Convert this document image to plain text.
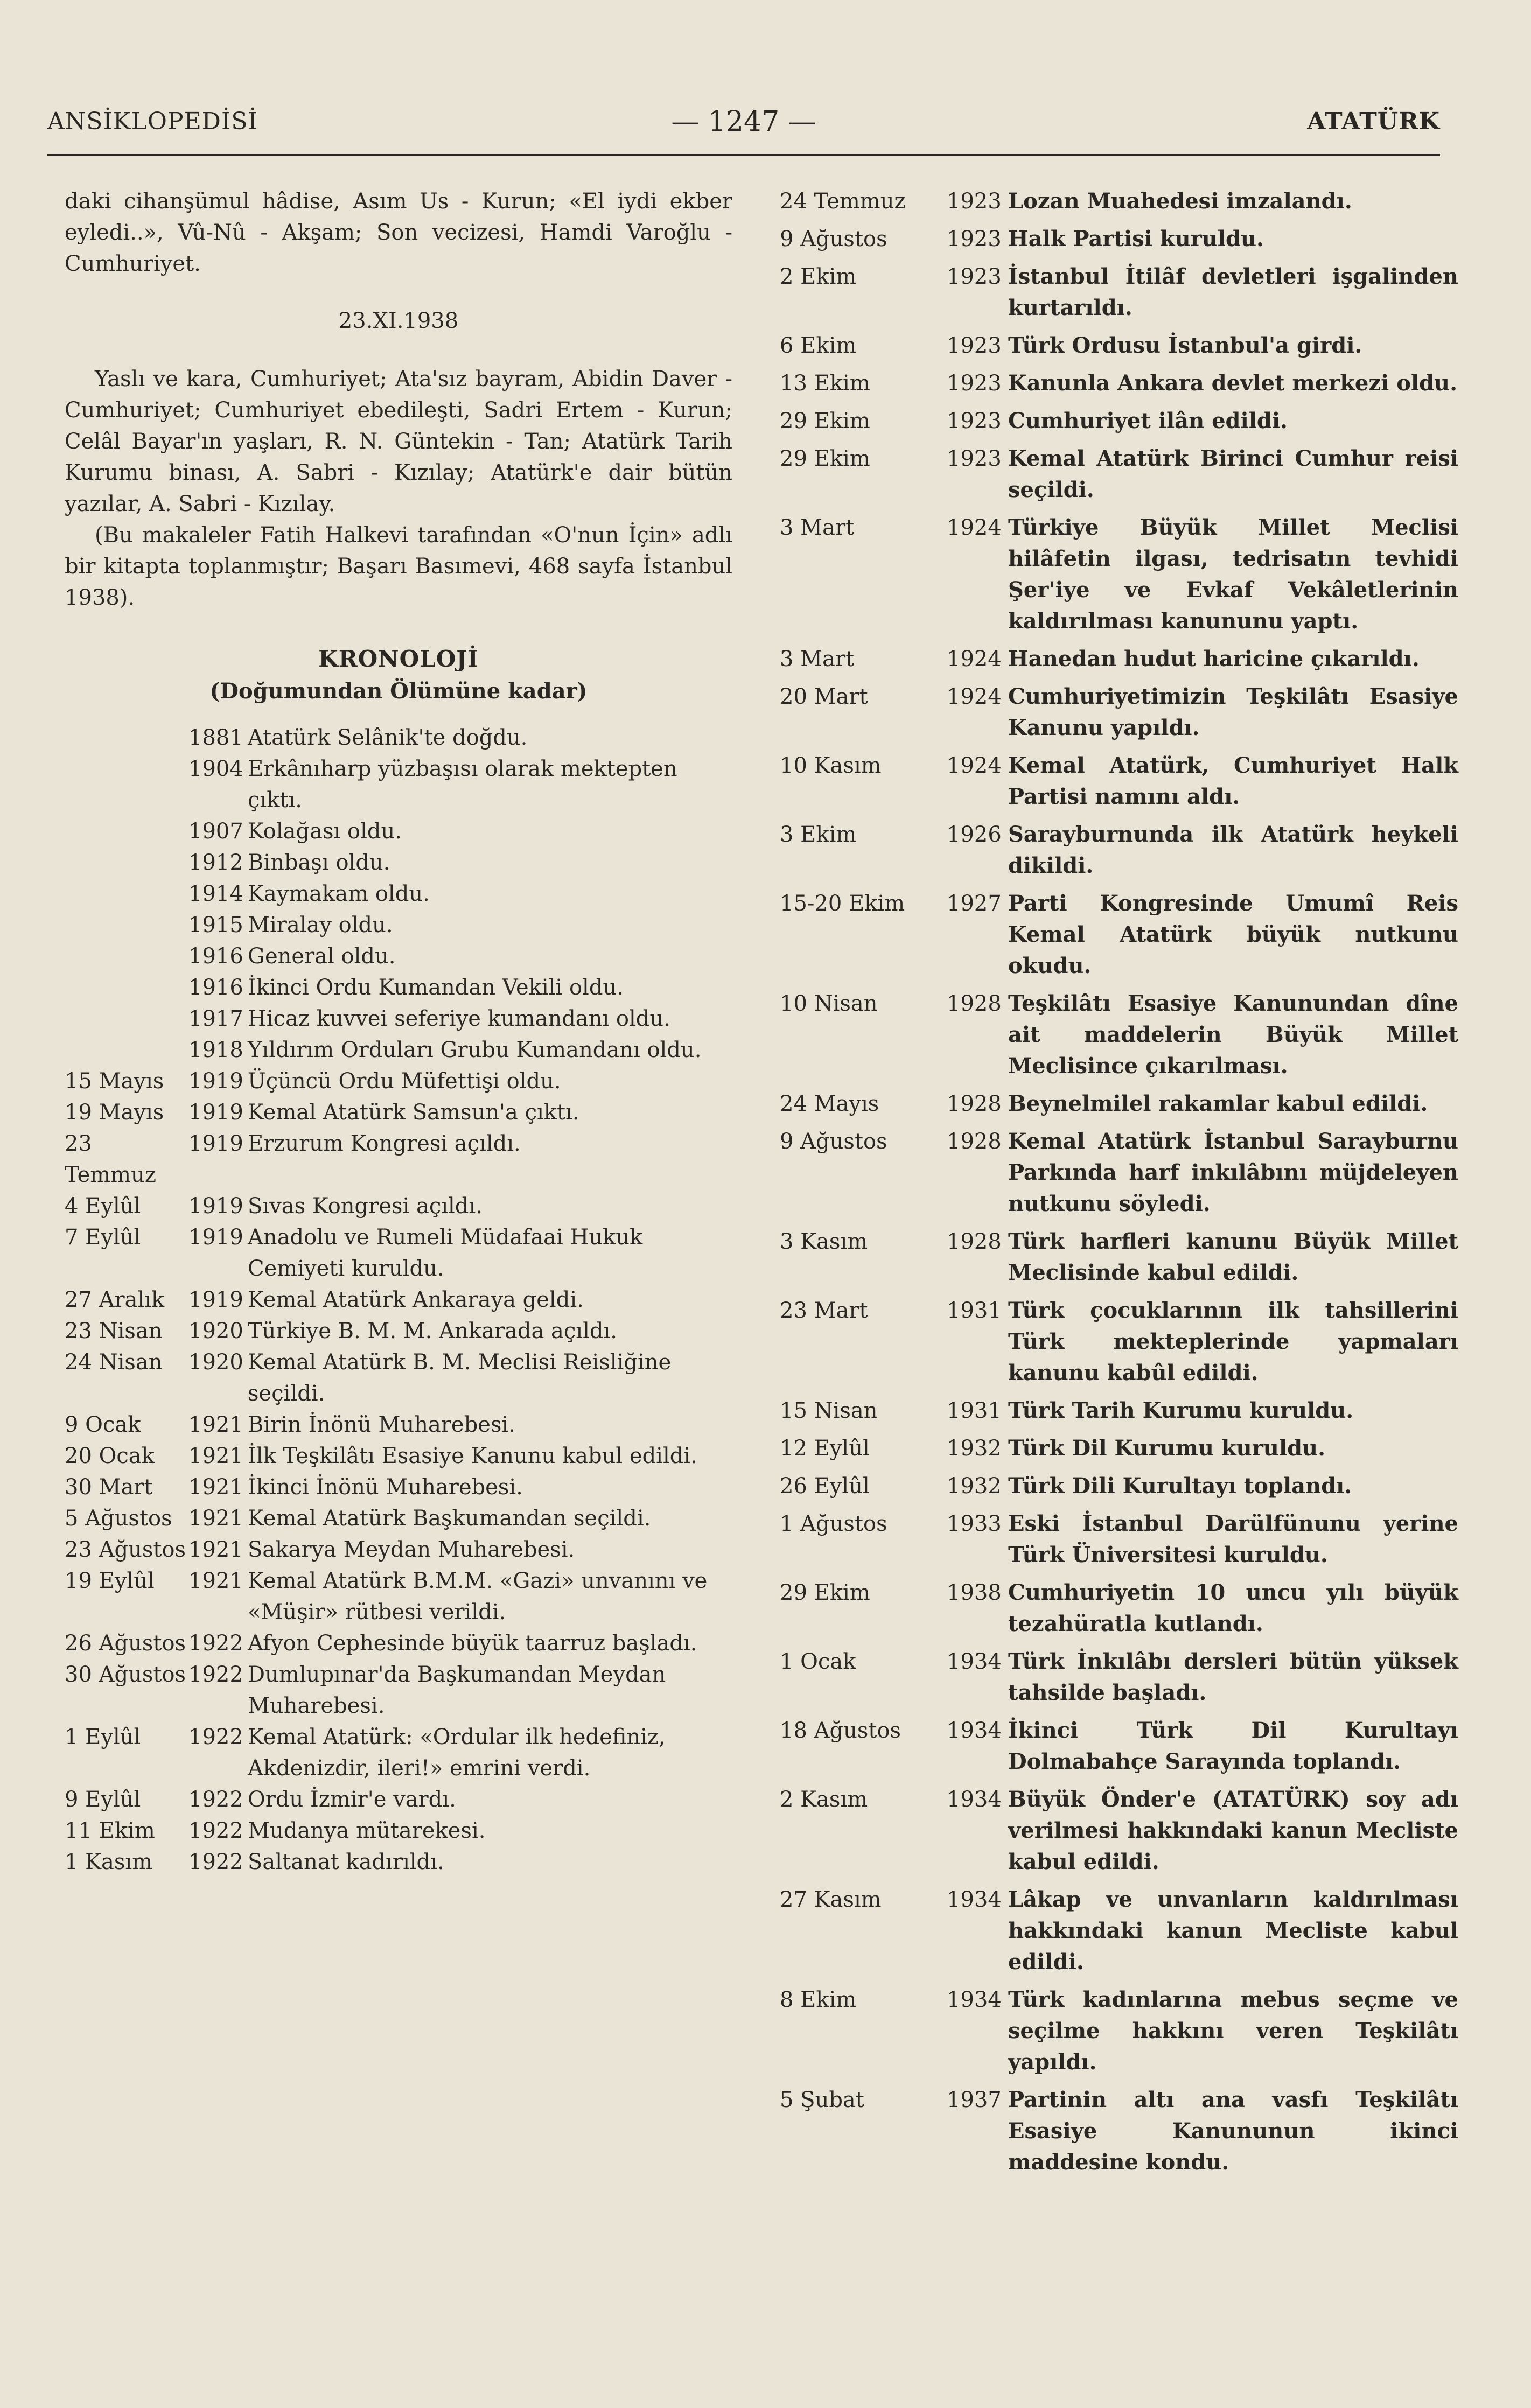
ANSİKLOPEDİSİ	— 1247 —	ATATÜRK

daki cihanşümul hâdise, Asım Us - Kurun; «El iydi ekber eyledi..», Vû-Nû - Akşam; Son vecizesi, Hamdi Varoğlu - Cumhuriyet.

23.XI.1938

Yaslı ve kara, Cumhuriyet; Ata'sız bayram, Abidin Daver - Cumhuriyet; Cumhuriyet ebedileşti, Sadri Ertem - Kurun; Celâl Bayar'ın yaşları, R. N. Güntekin - Tan; Atatürk Tarih Kurumu binası, A. Sabri - Kızılay; Atatürk'e dair bütün yazılar, A. Sabri - Kızılay.

(Bu makaleler Fatih Halkevi tarafından «O'nun İçin» adlı bir kitapta toplanmıştır; Başarı Basımevi, 468 sayfa İstanbul 1938).

KRONOLOJİ
(Doğumundan Ölümüne kadar)
	1881	Atatürk Selânik'te doğdu.
	1904	Erkânıharp yüzbaşısı olarak mektepten çıktı.
	1907	Kolağası oldu.
	1912	Binbaşı oldu.
	1914	Kaymakam oldu.
	1915	Miralay oldu.
	1916	General oldu.
	1916	İkinci Ordu Kumandan Vekili oldu.
	1917	Hicaz kuvvei seferiye kumandanı oldu.
	1918	Yıldırım Orduları Grubu Kumandanı oldu.
15 Mayıs	1919	Üçüncü Ordu Müfettişi oldu.
19 Mayıs	1919	Kemal Atatürk Samsun'a çıktı.
23 Temmuz	1919	Erzurum Kongresi açıldı.
4 Eylûl	1919	Sıvas Kongresi açıldı.
7 Eylûl	1919	Anadolu ve Rumeli Müdafaai Hukuk Cemiyeti kuruldu.
27 Aralık	1919	Kemal Atatürk Ankaraya geldi.
23 Nisan	1920	Türkiye B. M. M. Ankarada açıldı.
24 Nisan	1920	Kemal Atatürk B. M. Meclisi Reisliğine seçildi.
9 Ocak	1921	Birin İnönü Muharebesi.
20 Ocak	1921	İlk Teşkilâtı Esasiye Kanunu kabul edildi.
30 Mart	1921	İkinci İnönü Muharebesi.
5 Ağustos	1921	Kemal Atatürk Başkumandan seçildi.
23 Ağustos	1921	Sakarya Meydan Muharebesi.
19 Eylûl	1921	Kemal Atatürk B.M.M. «Gazi» unvanını ve «Müşir» rütbesi verildi.
26 Ağustos	1922	Afyon Cephesinde büyük taarruz başladı.
30 Ağustos	1922	Dumlupınar'da Başkumandan Meydan Muharebesi.
1 Eylûl	1922	Kemal Atatürk: «Ordular ilk hedefiniz, Akdenizdir, ileri!» emrini verdi.
9 Eylûl	1922	Ordu İzmir'e vardı.
11 Ekim	1922	Mudanya mütarekesi.
1 Kasım	1922	Saltanat kadırıldı.
24 Temmuz	1923	Lozan Muahedesi imzalandı.
9 Ağustos	1923	Halk Partisi kuruldu.
2 Ekim	1923	İstanbul İtilâf devletleri işgalinden kurtarıldı.
6 Ekim	1923	Türk Ordusu İstanbul'a girdi.
13 Ekim	1923	Kanunla Ankara devlet merkezi oldu.
29 Ekim	1923	Cumhuriyet ilân edildi.
29 Ekim	1923	Kemal Atatürk Birinci Cumhur reisi seçildi.
3 Mart	1924	Türkiye Büyük Millet Meclisi hilâfetin ilgası, tedrisatın tevhidi Şer'iye ve Evkaf Vekâletlerinin kaldırılması kanununu yaptı.
3 Mart	1924	Hanedan hudut haricine çıkarıldı.
20 Mart	1924	Cumhuriyetimizin Teşkilâtı Esasiye Kanunu yapıldı.
10 Kasım	1924	Kemal Atatürk, Cumhuriyet Halk Partisi namını aldı.
3 Ekim	1926	Sarayburnunda ilk Atatürk heykeli dikildi.
15-20 Ekim	1927	Parti Kongresinde Umumî Reis Kemal Atatürk büyük nutkunu okudu.
10 Nisan	1928	Teşkilâtı Esasiye Kanunundan dîne ait maddelerin Büyük Millet Meclisince çıkarılması.
24 Mayıs	1928	Beynelmilel rakamlar kabul edildi.
9 Ağustos	1928	Kemal Atatürk İstanbul Sarayburnu Parkında harf inkılâbını müjdeleyen nutkunu söyledi.
3 Kasım	1928	Türk harfleri kanunu Büyük Millet Meclisinde kabul edildi.
23 Mart	1931	Türk çocuklarının ilk tahsillerini Türk mekteplerinde yapmaları kanunu kabûl edildi.
15 Nisan	1931	Türk Tarih Kurumu kuruldu.
12 Eylûl	1932	Türk Dil Kurumu kuruldu.
26 Eylûl	1932	Türk Dili Kurultayı toplandı.
1 Ağustos	1933	Eski İstanbul Darülfünunu yerine Türk Üniversitesi kuruldu.
29 Ekim	1938	Cumhuriyetin 10 uncu yılı büyük tezahüratla kutlandı.
1 Ocak	1934	Türk İnkılâbı dersleri bütün yüksek tahsilde başladı.
18 Ağustos	1934	İkinci Türk Dil Kurultayı Dolmabahçe Sarayında toplandı.
2 Kasım	1934	Büyük Önder'e (ATATÜRK) soy adı verilmesi hakkındaki kanun Mecliste kabul edildi.
27 Kasım	1934	Lâkap ve unvanların kaldırılması hakkındaki kanun Mecliste kabul edildi.
8 Ekim	1934	Türk kadınlarına mebus seçme ve seçilme hakkını veren Teşkilâtı yapıldı.
5 Şubat	1937	Partinin altı ana vasfı Teşkilâtı Esasiye Kanununun ikinci maddesine kondu.
